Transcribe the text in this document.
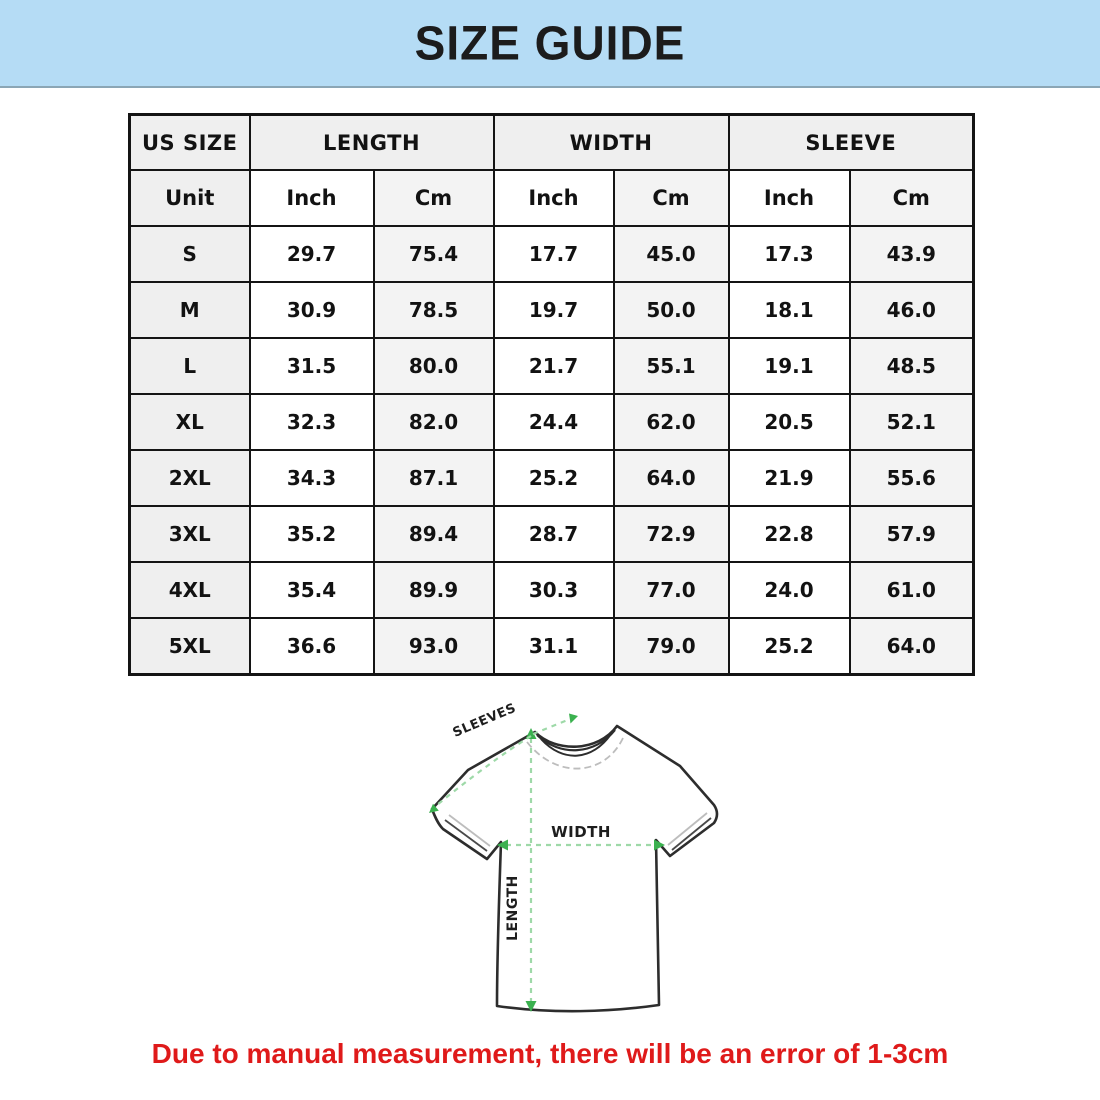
SIZE GUIDE
US SIZE	LENGTH		WIDTH		SLEEVE	
Unit	Inch	Cm	Inch	Cm	Inch	Cm
S	29.7	75.4	17.7	45.0	17.3	43.9
M	30.9	78.5	19.7	50.0	18.1	46.0
L	31.5	80.0	21.7	55.1	19.1	48.5
XL	32.3	82.0	24.4	62.0	20.5	52.1
2XL	34.3	87.1	25.2	64.0	21.9	55.6
3XL	35.2	89.4	28.7	72.9	22.8	57.9
4XL	35.4	89.9	30.3	77.0	24.0	61.0
5XL	36.6	93.0	31.1	79.0	25.2	64.0
LENGTH
WIDTH
SLEEVES

Due to manual measurement, there will be an error of 1-3cm
